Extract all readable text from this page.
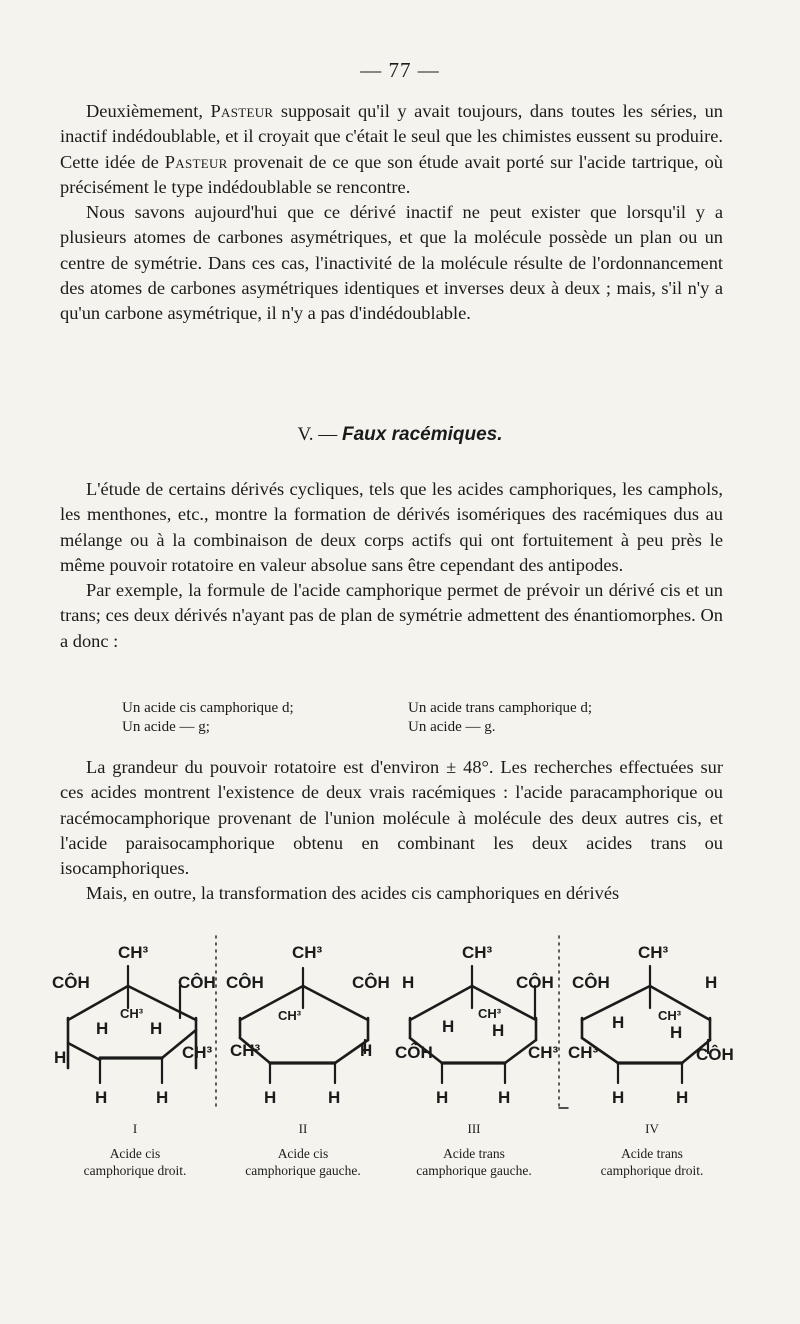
— 77 —

Deuxièmement, Pasteur supposait qu'il y avait toujours, dans toutes les séries, un inactif indédoublable, et il croyait que c'était le seul que les chimistes eussent su produire. Cette idée de Pasteur provenait de ce que son étude avait porté sur l'acide tartrique, où précisément le type indédoublable se rencontre.

Nous savons aujourd'hui que ce dérivé inactif ne peut exister que lorsqu'il y a plusieurs atomes de carbones asymétriques, et que la molécule possède un plan ou un centre de symétrie. Dans ces cas, l'inactivité de la molécule résulte de l'ordonnancement des atomes de carbones asymétriques identiques et inverses deux à deux ; mais, s'il n'y a qu'un carbone asymétrique, il n'y a pas d'indédoublable.

V. — Faux racémiques.

L'étude de certains dérivés cycliques, tels que les acides camphoriques, les camphols, les menthones, etc., montre la formation de dérivés isomériques des racémiques dus au mélange ou à la combinaison de deux corps actifs qui ont fortuitement à peu près le même pouvoir rotatoire en valeur absolue sans être cependant des antipodes.

Par exemple, la formule de l'acide camphorique permet de prévoir un dérivé cis et un trans; ces deux dérivés n'ayant pas de plan de symétrie admettent des énantiomorphes. On a donc :

Un acide cis camphorique d;	Un acide trans camphorique d;
Un acide — g;	Un acide — g.

La grandeur du pouvoir rotatoire est d'environ ± 48°. Les recherches effectuées sur ces acides montrent l'existence de deux vrais racémiques : l'acide paracamphorique ou racémocamphorique provenant de l'union molécule à molécule des deux autres cis, et l'acide paraisocamphorique obtenu en combinant les deux acides trans ou isocamphoriques.

Mais, en outre, la transformation des acides cis camphoriques en dérivés

CH³
CÔH	CÔH
H H
CH³
H	CH³
H	H
CH³
CÔH	CÔH
CH³
CH³	H
H	H
CH³
H	CÔH
H
CH³
H
CÔH	CH³
H	H
CH³
CÔH	H
H	CH³
H
CH³	CÔH
H	H
I
Acide cis
camphorique droit.
II
Acide cis
camphorique gauche.
III
Acide trans
camphorique gauche.
IV
Acide trans
camphorique droit.
